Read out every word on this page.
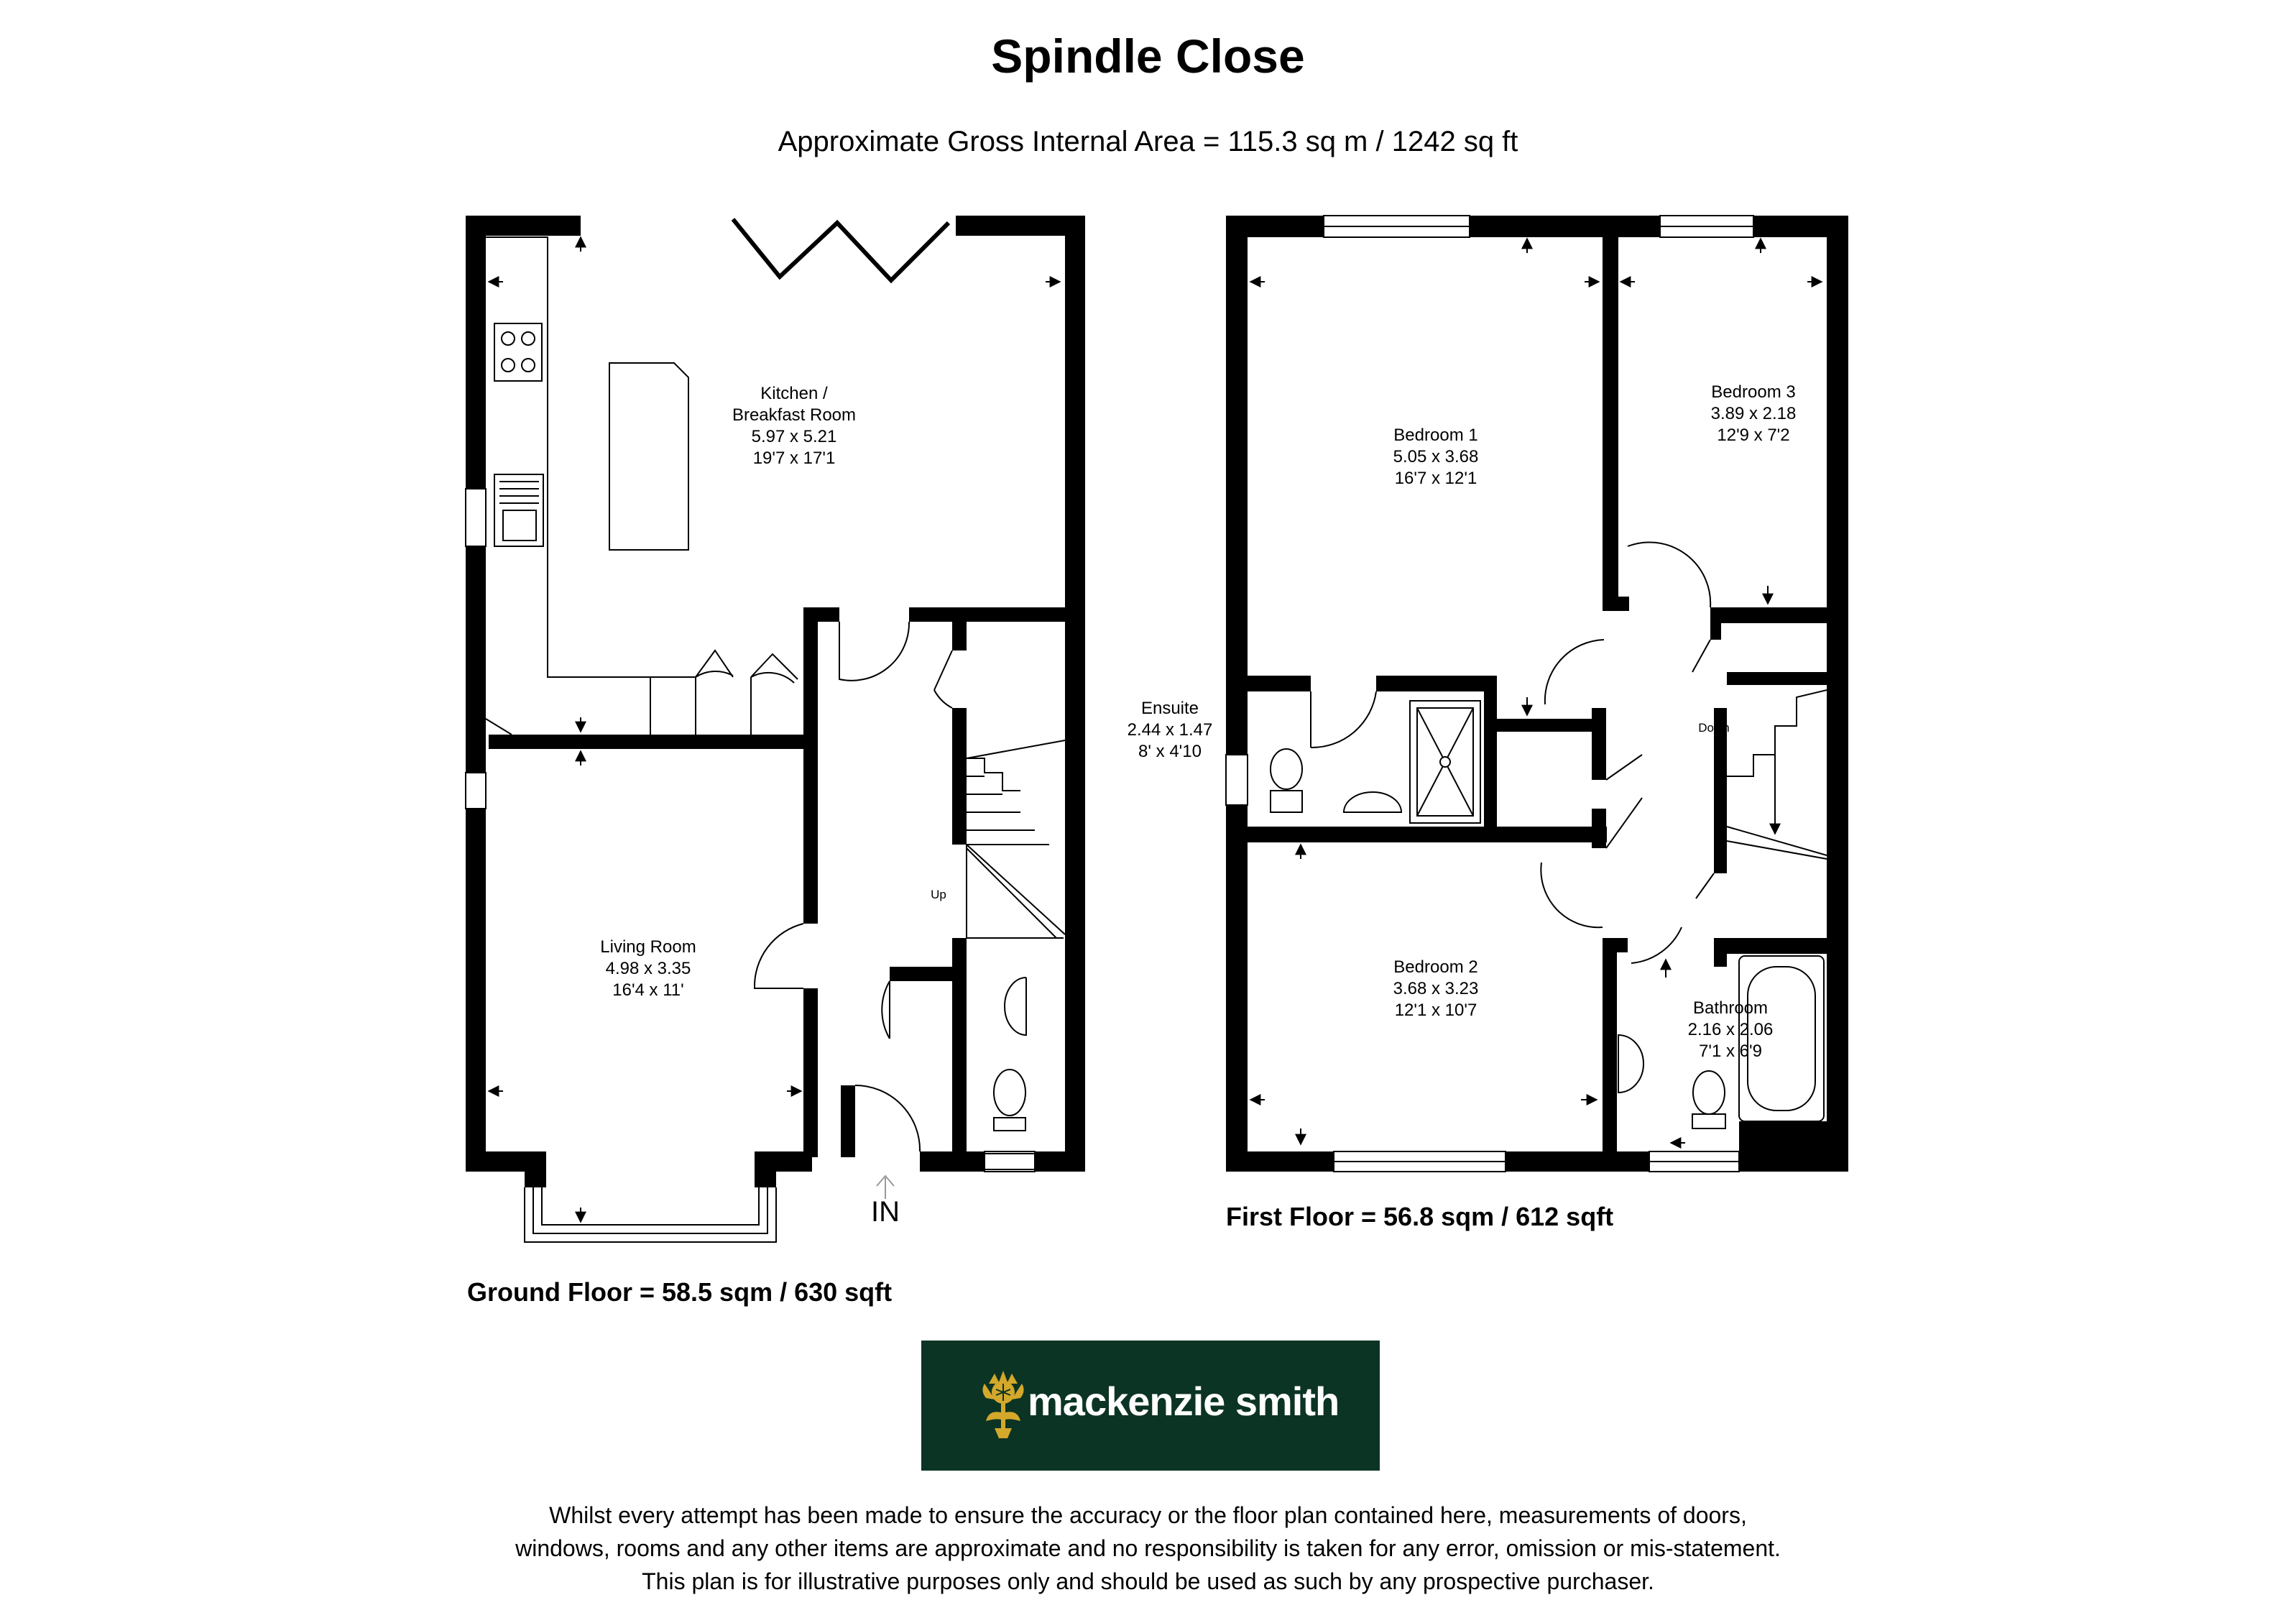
Spindle Close
Approximate Gross Internal Area = 115.3 sq m / 1242 sq ft
Kitchen /
Breakfast Room
5.97 x 5.21
19'7 x 17'1
Living Room
4.98 x 3.35
16'4 x 11'
Up
Bedroom 1
5.05 x 3.68
16'7 x 12'1
Bedroom 3
3.89 x 2.18
12'9 x 7'2
Bedroom 2
3.68 x 3.23
12'1 x 10'7
Ensuite
2.44 x 1.47
8' x 4'10
Bathroom
2.16 x 2.06
7'1 x 6'9
Down
IN
Ground Floor = 58.5 sqm / 630 sqft
First Floor = 56.8 sqm / 612 sqft
mackenzie smith
Whilst every attempt has been made to ensure the accuracy or the floor plan contained here, measurements of doors,
windows, rooms and any other items are approximate and no responsibility is taken for any error, omission or mis-statement.
This plan is for illustrative purposes only and should be used as such by any prospective purchaser.
